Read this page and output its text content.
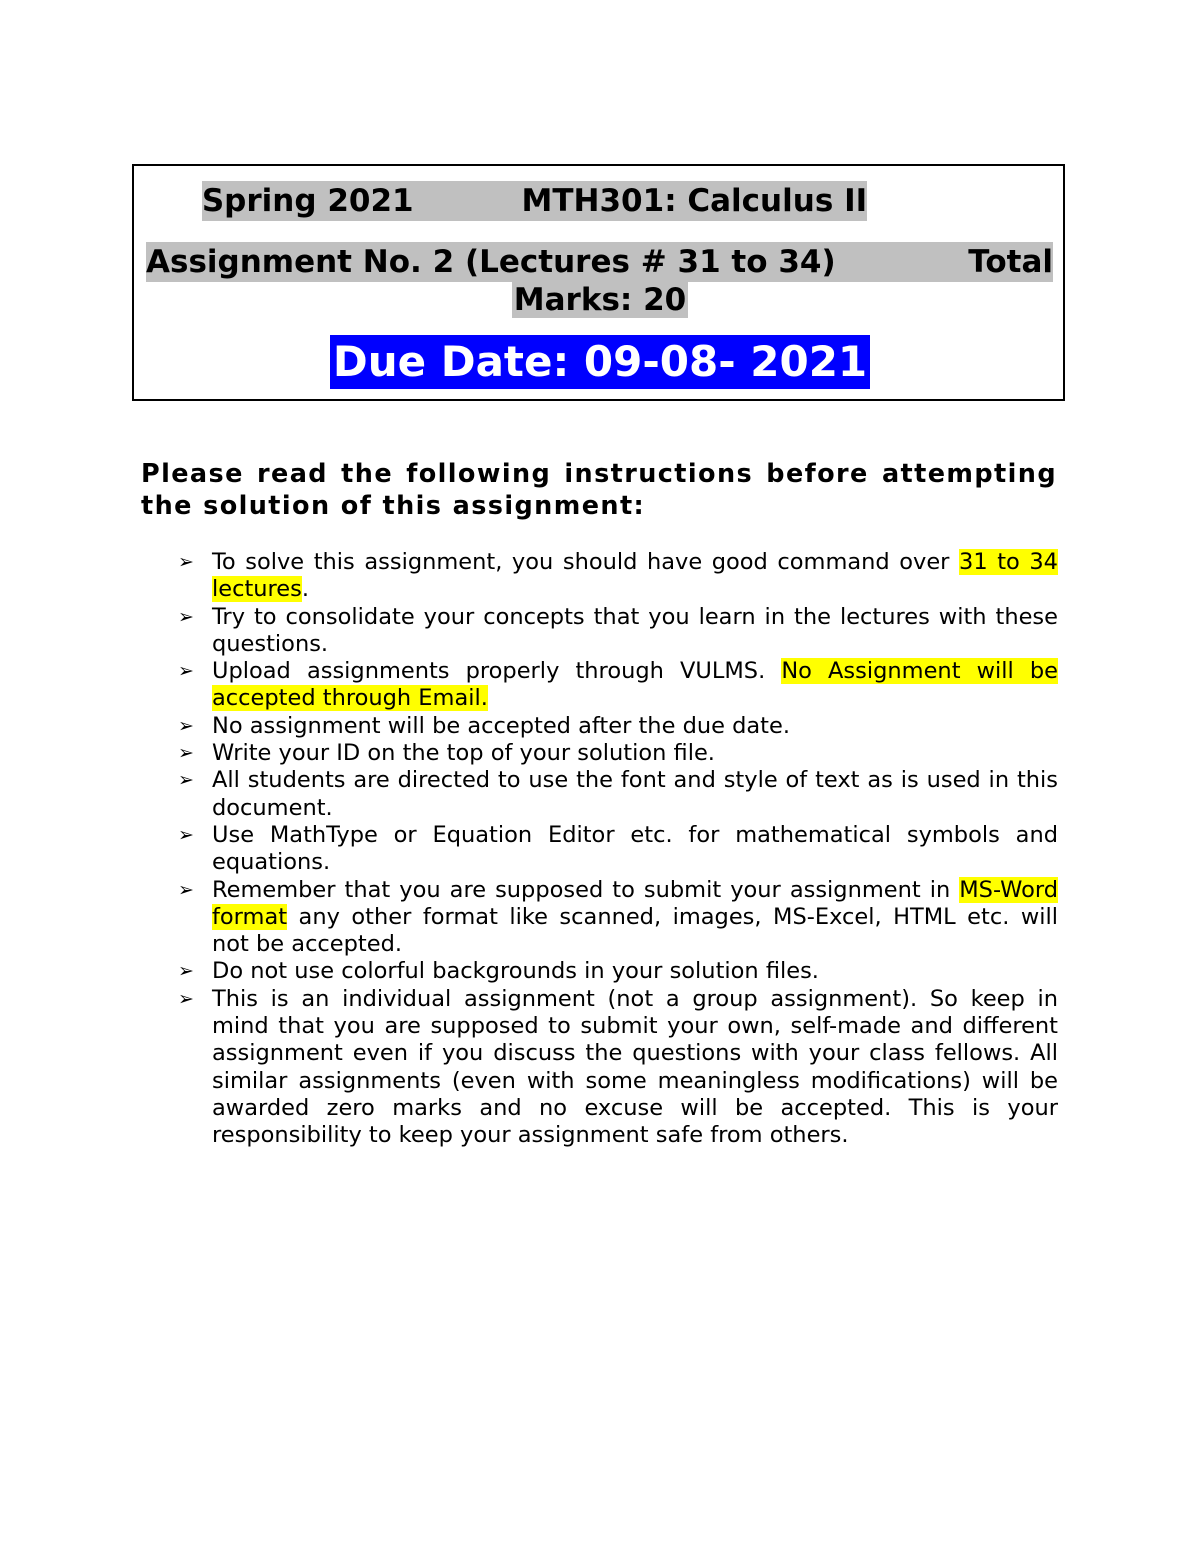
Spring 2021	MTH301: Calculus II
Assignment No. 2 (Lectures # 31 to 34)	Total
Marks: 20
Due Date: 09-08- 2021
Please read the following instructions before attempting the solution of this assignment:
➢ To solve this assignment, you should have good command over 31 to 34 lectures.
➢ Try to consolidate your concepts that you learn in the lectures with these questions.
➢ Upload assignments properly through VULMS. No Assignment will be accepted through Email.
➢ No assignment will be accepted after the due date.
➢ Write your ID on the top of your solution file.
➢ All students are directed to use the font and style of text as is used in this document.
➢ Use MathType or Equation Editor etc. for mathematical symbols and equations.
➢ Remember that you are supposed to submit your assignment in MS-Word format any other format like scanned, images, MS-Excel, HTML etc. will not be accepted.
➢ Do not use colorful backgrounds in your solution files.
➢ This is an individual assignment (not a group assignment). So keep in mind that you are supposed to submit your own, self-made and different assignment even if you discuss the questions with your class fellows. All similar assignments (even with some meaningless modifications) will be awarded zero marks and no excuse will be accepted. This is your responsibility to keep your assignment safe from others.
